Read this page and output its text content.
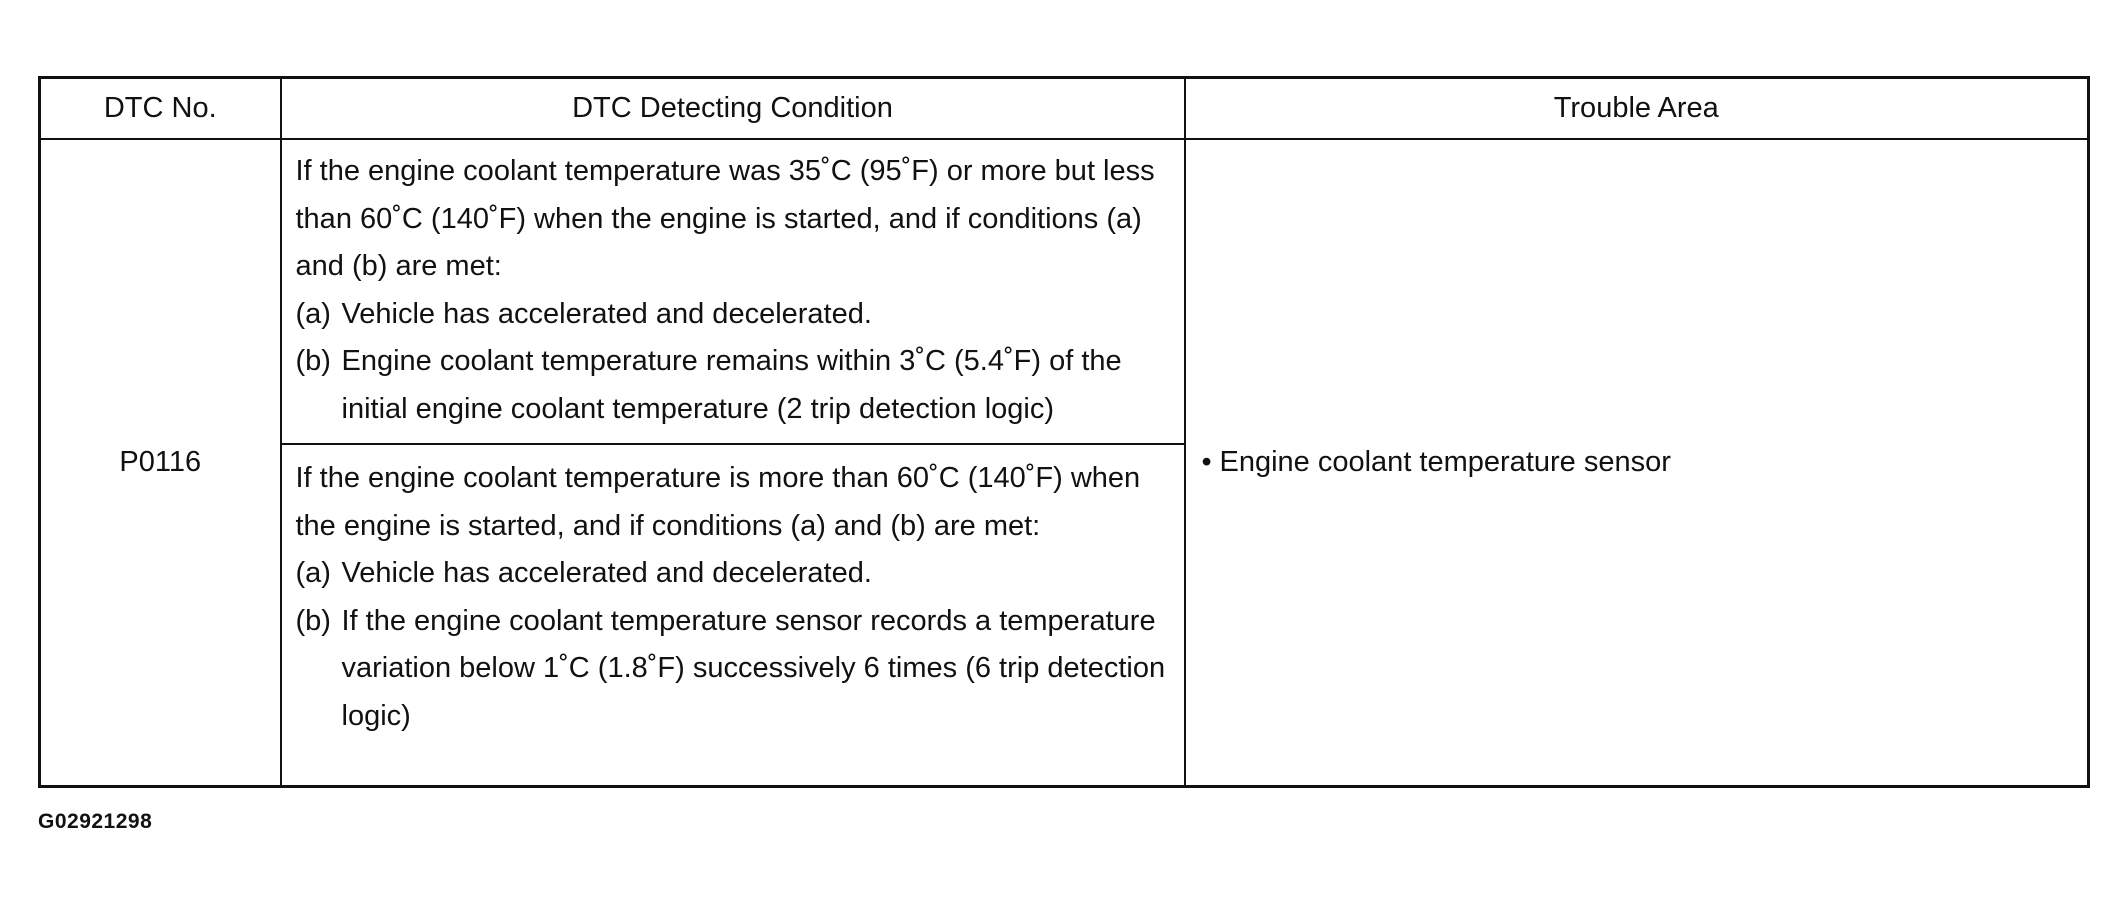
DTC No.	DTC Detecting Condition	Trouble Area
P0116	If the engine coolant temperature was 35˚C (95˚F) or more but less than 60˚C (140˚F) when the engine is started, and if conditions (a) and (b) are met:
(a) Vehicle has accelerated and decelerated.
(b) Engine coolant temperature remains within 3˚C (5.4˚F) of the initial engine coolant temperature (2 trip detection logic)	• Engine coolant temperature sensor

	If the engine coolant temperature is more than 60˚C (140˚F) when the engine is started, and if conditions (a) and (b) are met:
(a) Vehicle has accelerated and decelerated.
(b) If the engine coolant temperature sensor records a temperature variation below 1˚C (1.8˚F) successively 6 times (6 trip detection logic)	
G02921298
